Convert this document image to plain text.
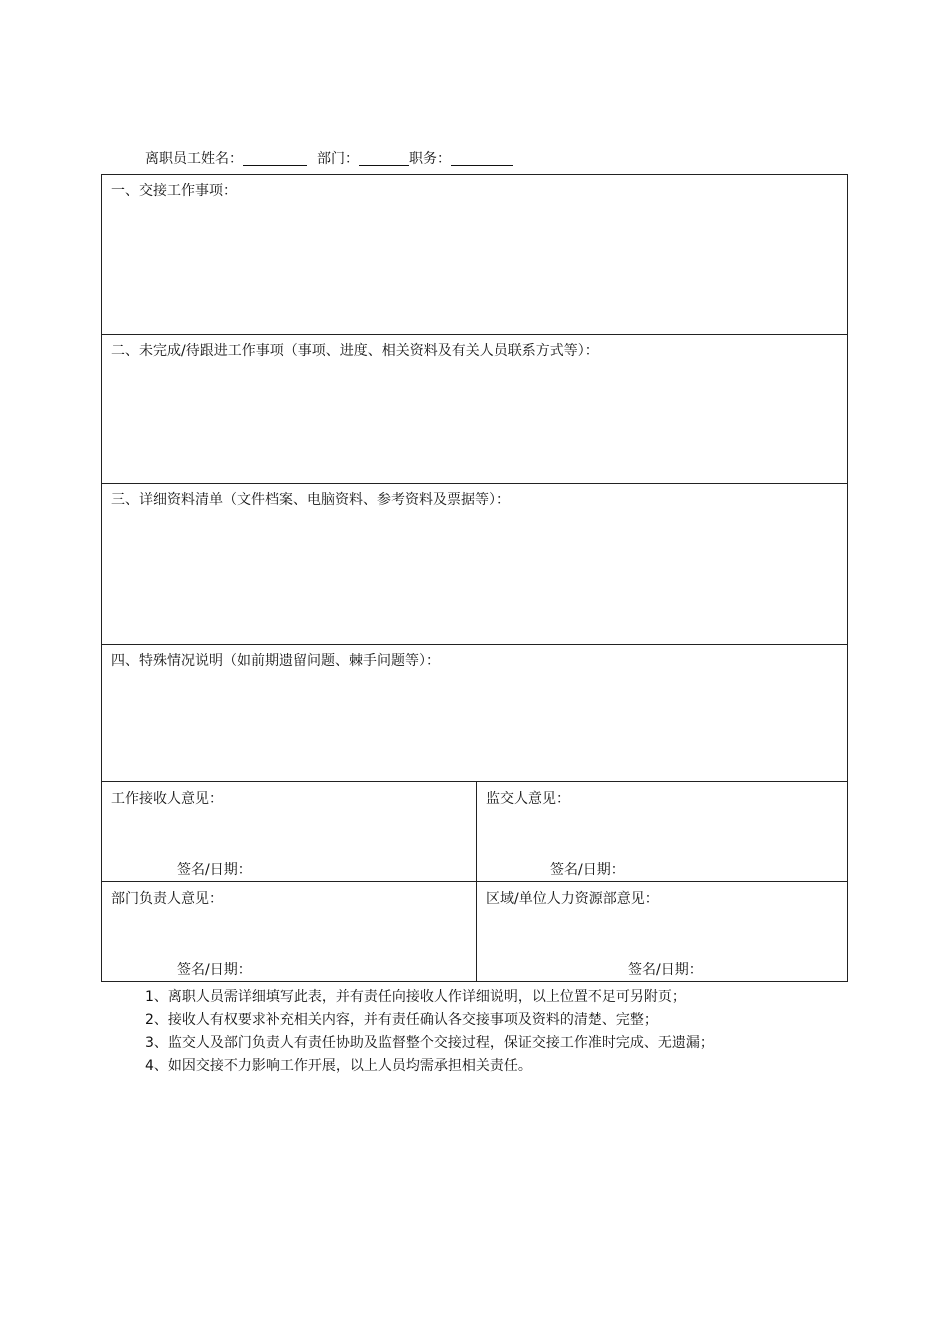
离职员工姓名：	部门：	职务：
一、交接工作事项：
二、未完成/待跟进工作事项（事项、进度、相关资料及有关人员联系方式等）：
三、详细资料清单（文件档案、电脑资料、参考资料及票据等）：
四、特殊情况说明（如前期遗留问题、棘手问题等）：
工作接收人意见：
签名/日期：
监交人意见：
签名/日期：
部门负责人意见：
签名/日期：
区域/单位人力资源部意见：
签名/日期：
1、离职人员需详细填写此表，并有责任向接收人作详细说明，以上位置不足可另附页；
2、接收人有权要求补充相关内容，并有责任确认各交接事项及资料的清楚、完整；
3、监交人及部门负责人有责任协助及监督整个交接过程，保证交接工作准时完成、无遗漏；
4、如因交接不力影响工作开展，以上人员均需承担相关责任。
